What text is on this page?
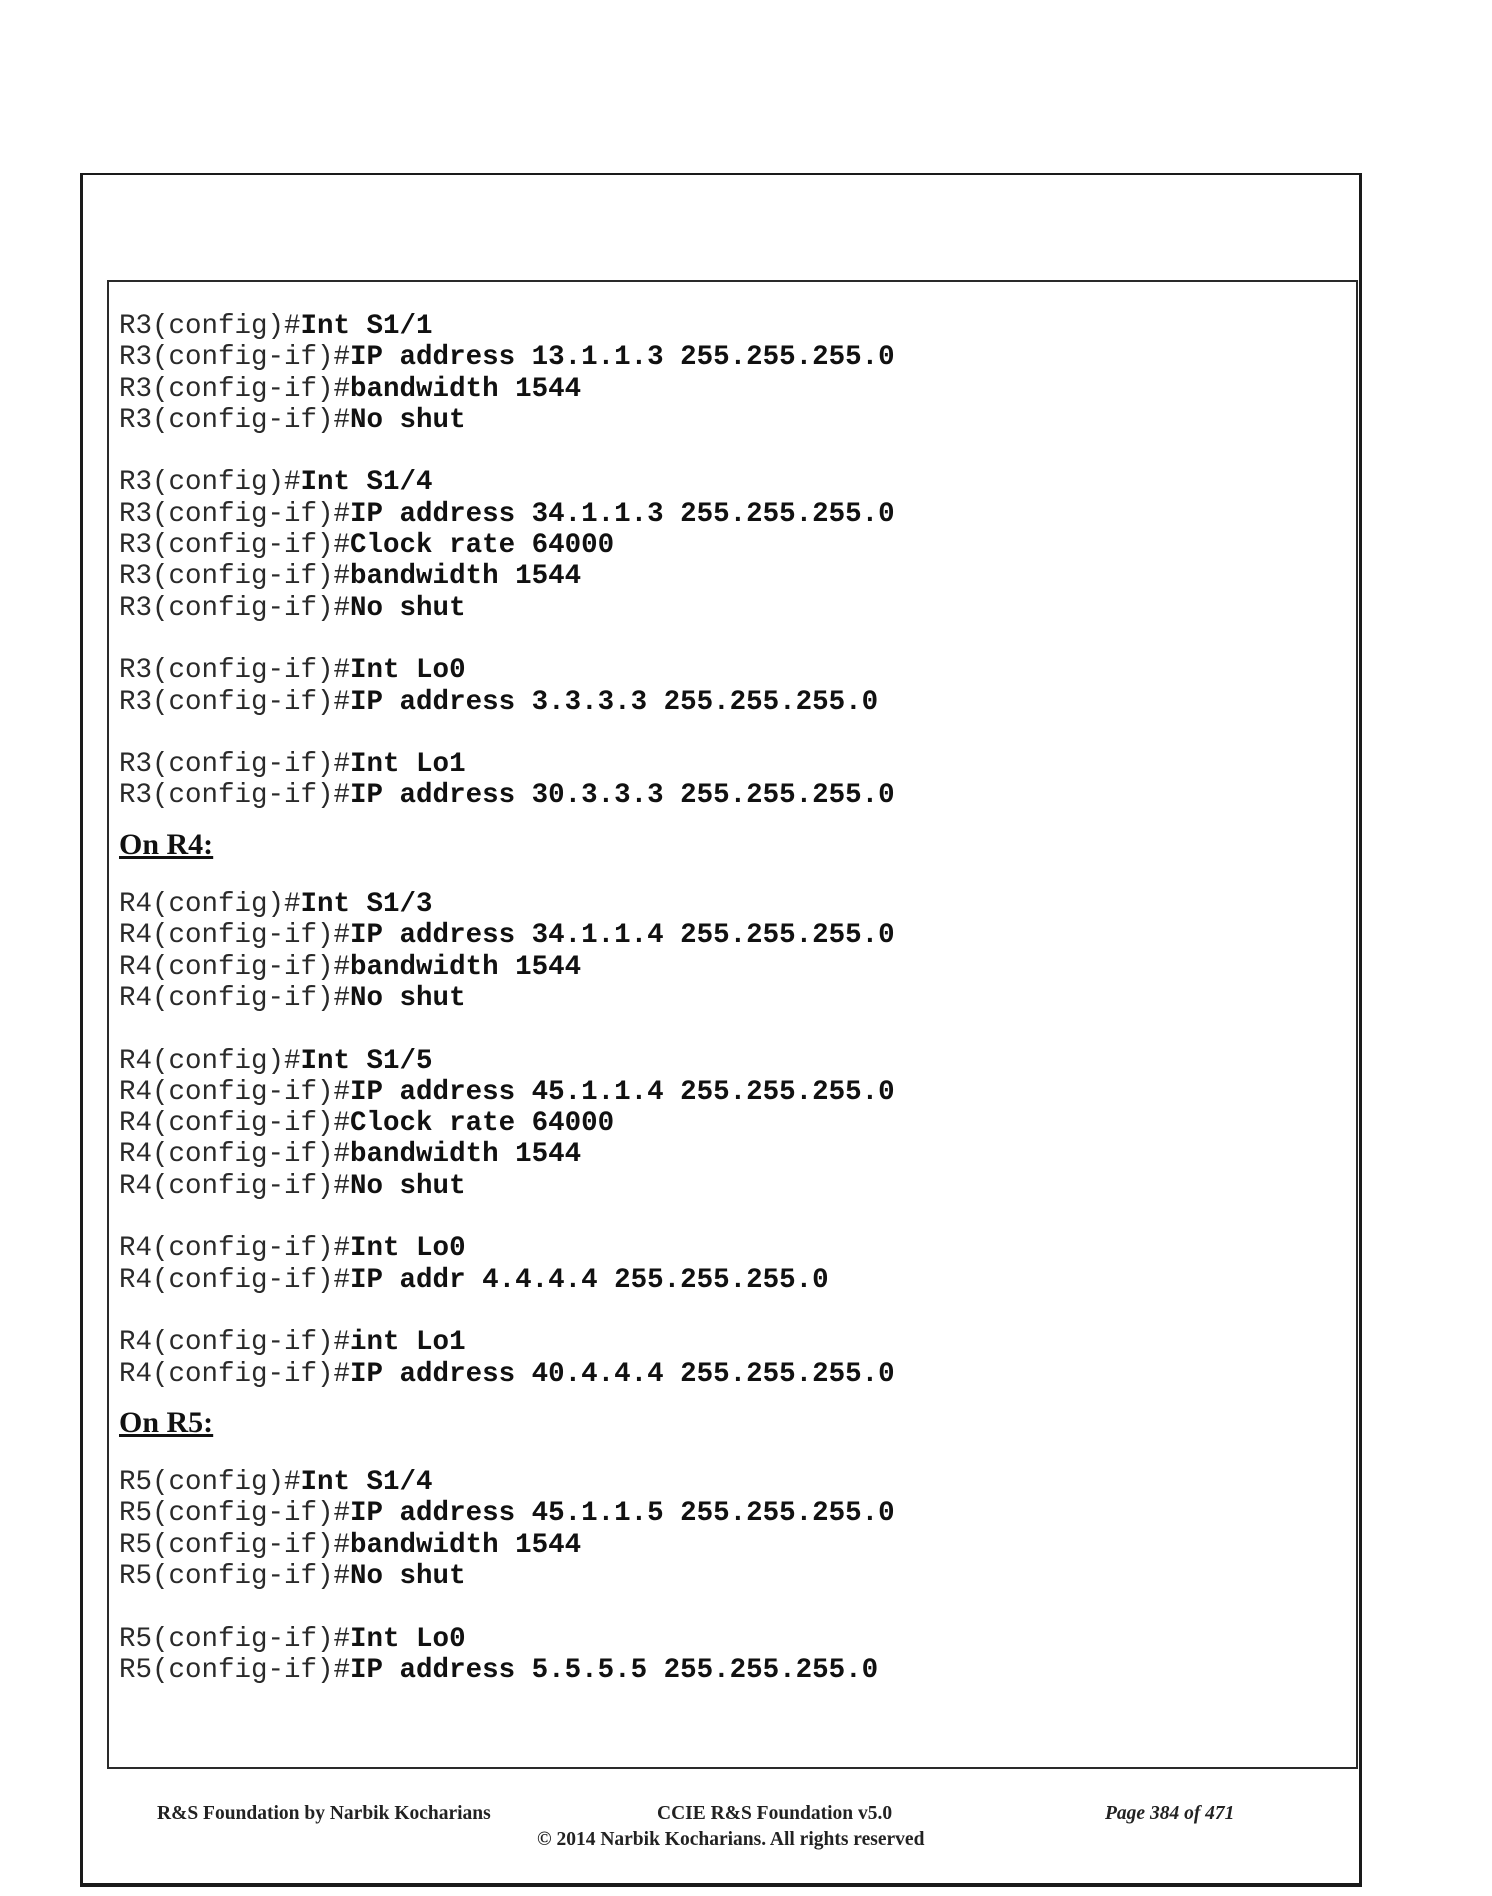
R3(config)#Int S1/1
R3(config-if)#IP address 13.1.1.3 255.255.255.0
R3(config-if)#bandwidth 1544
R3(config-if)#No shut
R3(config)#Int S1/4
R3(config-if)#IP address 34.1.1.3 255.255.255.0
R3(config-if)#Clock rate 64000
R3(config-if)#bandwidth 1544
R3(config-if)#No shut
R3(config-if)#Int Lo0
R3(config-if)#IP address 3.3.3.3 255.255.255.0
R3(config-if)#Int Lo1
R3(config-if)#IP address 30.3.3.3 255.255.255.0
On R4:
R4(config)#Int S1/3
R4(config-if)#IP address 34.1.1.4 255.255.255.0
R4(config-if)#bandwidth 1544
R4(config-if)#No shut
R4(config)#Int S1/5
R4(config-if)#IP address 45.1.1.4 255.255.255.0
R4(config-if)#Clock rate 64000
R4(config-if)#bandwidth 1544
R4(config-if)#No shut
R4(config-if)#Int Lo0
R4(config-if)#IP addr 4.4.4.4 255.255.255.0
R4(config-if)#int Lo1
R4(config-if)#IP address 40.4.4.4 255.255.255.0
On R5:
R5(config)#Int S1/4
R5(config-if)#IP address 45.1.1.5 255.255.255.0
R5(config-if)#bandwidth 1544
R5(config-if)#No shut
R5(config-if)#Int Lo0
R5(config-if)#IP address 5.5.5.5 255.255.255.0
R&S Foundation by Narbik Kocharians	CCIE R&S Foundation v5.0	Page 384 of 471
© 2014 Narbik Kocharians. All rights reserved
